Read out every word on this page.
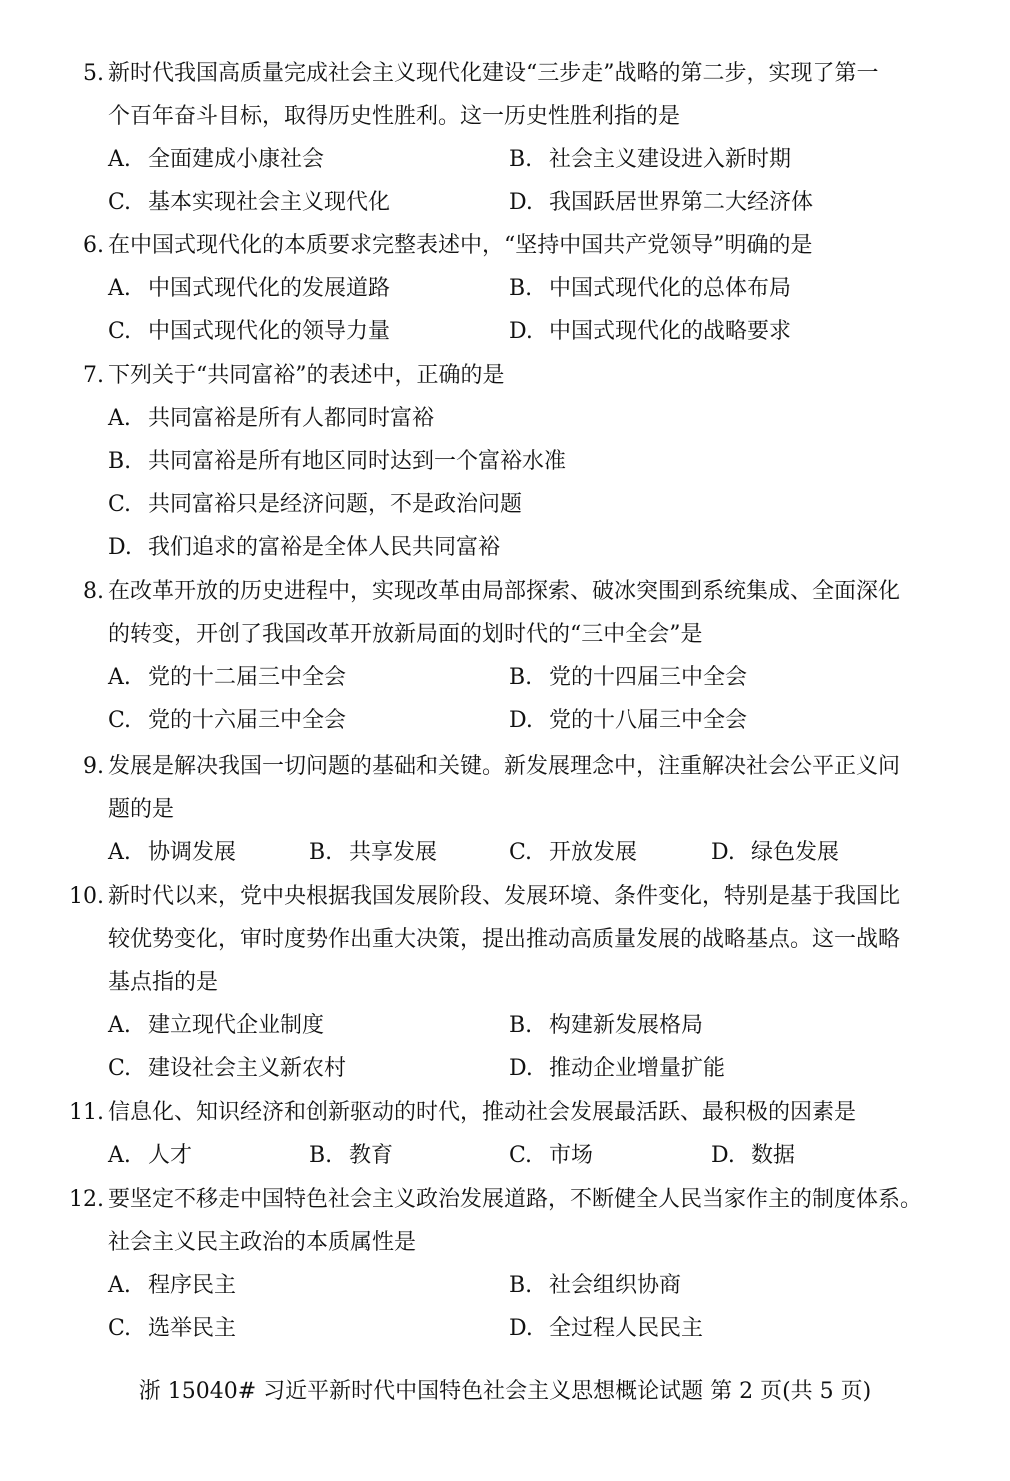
5. 新时代我国高质量完成社会主义现代化建设“三步走”战略的第二步，实现了第一
个百年奋斗目标，取得历史性胜利。这一历史性胜利指的是
A. 全面建成小康社会	B. 社会主义建设进入新时期
C. 基本实现社会主义现代化	D. 我国跃居世界第二大经济体
6. 在中国式现代化的本质要求完整表述中，“坚持中国共产党领导”明确的是
A. 中国式现代化的发展道路	B. 中国式现代化的总体布局
C. 中国式现代化的领导力量	D. 中国式现代化的战略要求
7. 下列关于“共同富裕”的表述中，正确的是
A. 共同富裕是所有人都同时富裕
B. 共同富裕是所有地区同时达到一个富裕水准
C. 共同富裕只是经济问题，不是政治问题
D. 我们追求的富裕是全体人民共同富裕
8. 在改革开放的历史进程中，实现改革由局部探索、破冰突围到系统集成、全面深化
的转变，开创了我国改革开放新局面的划时代的“三中全会”是
A. 党的十二届三中全会	B. 党的十四届三中全会
C. 党的十六届三中全会	D. 党的十八届三中全会
9. 发展是解决我国一切问题的基础和关键。新发展理念中，注重解决社会公平正义问
题的是
A. 协调发展	B. 共享发展	C. 开放发展	D. 绿色发展
10. 新时代以来，党中央根据我国发展阶段、发展环境、条件变化，特别是基于我国比
较优势变化，审时度势作出重大决策，提出推动高质量发展的战略基点。这一战略
基点指的是
A. 建立现代企业制度	B. 构建新发展格局
C. 建设社会主义新农村	D. 推动企业增量扩能
11. 信息化、知识经济和创新驱动的时代，推动社会发展最活跃、最积极的因素是
A. 人才	B. 教育	C. 市场	D. 数据
12. 要坚定不移走中国特色社会主义政治发展道路，不断健全人民当家作主的制度体系。
社会主义民主政治的本质属性是
A. 程序民主	B. 社会组织协商
C. 选举民主	D. 全过程人民民主
浙 15040# 习近平新时代中国特色社会主义思想概论试题 第 2 页(共 5 页)
